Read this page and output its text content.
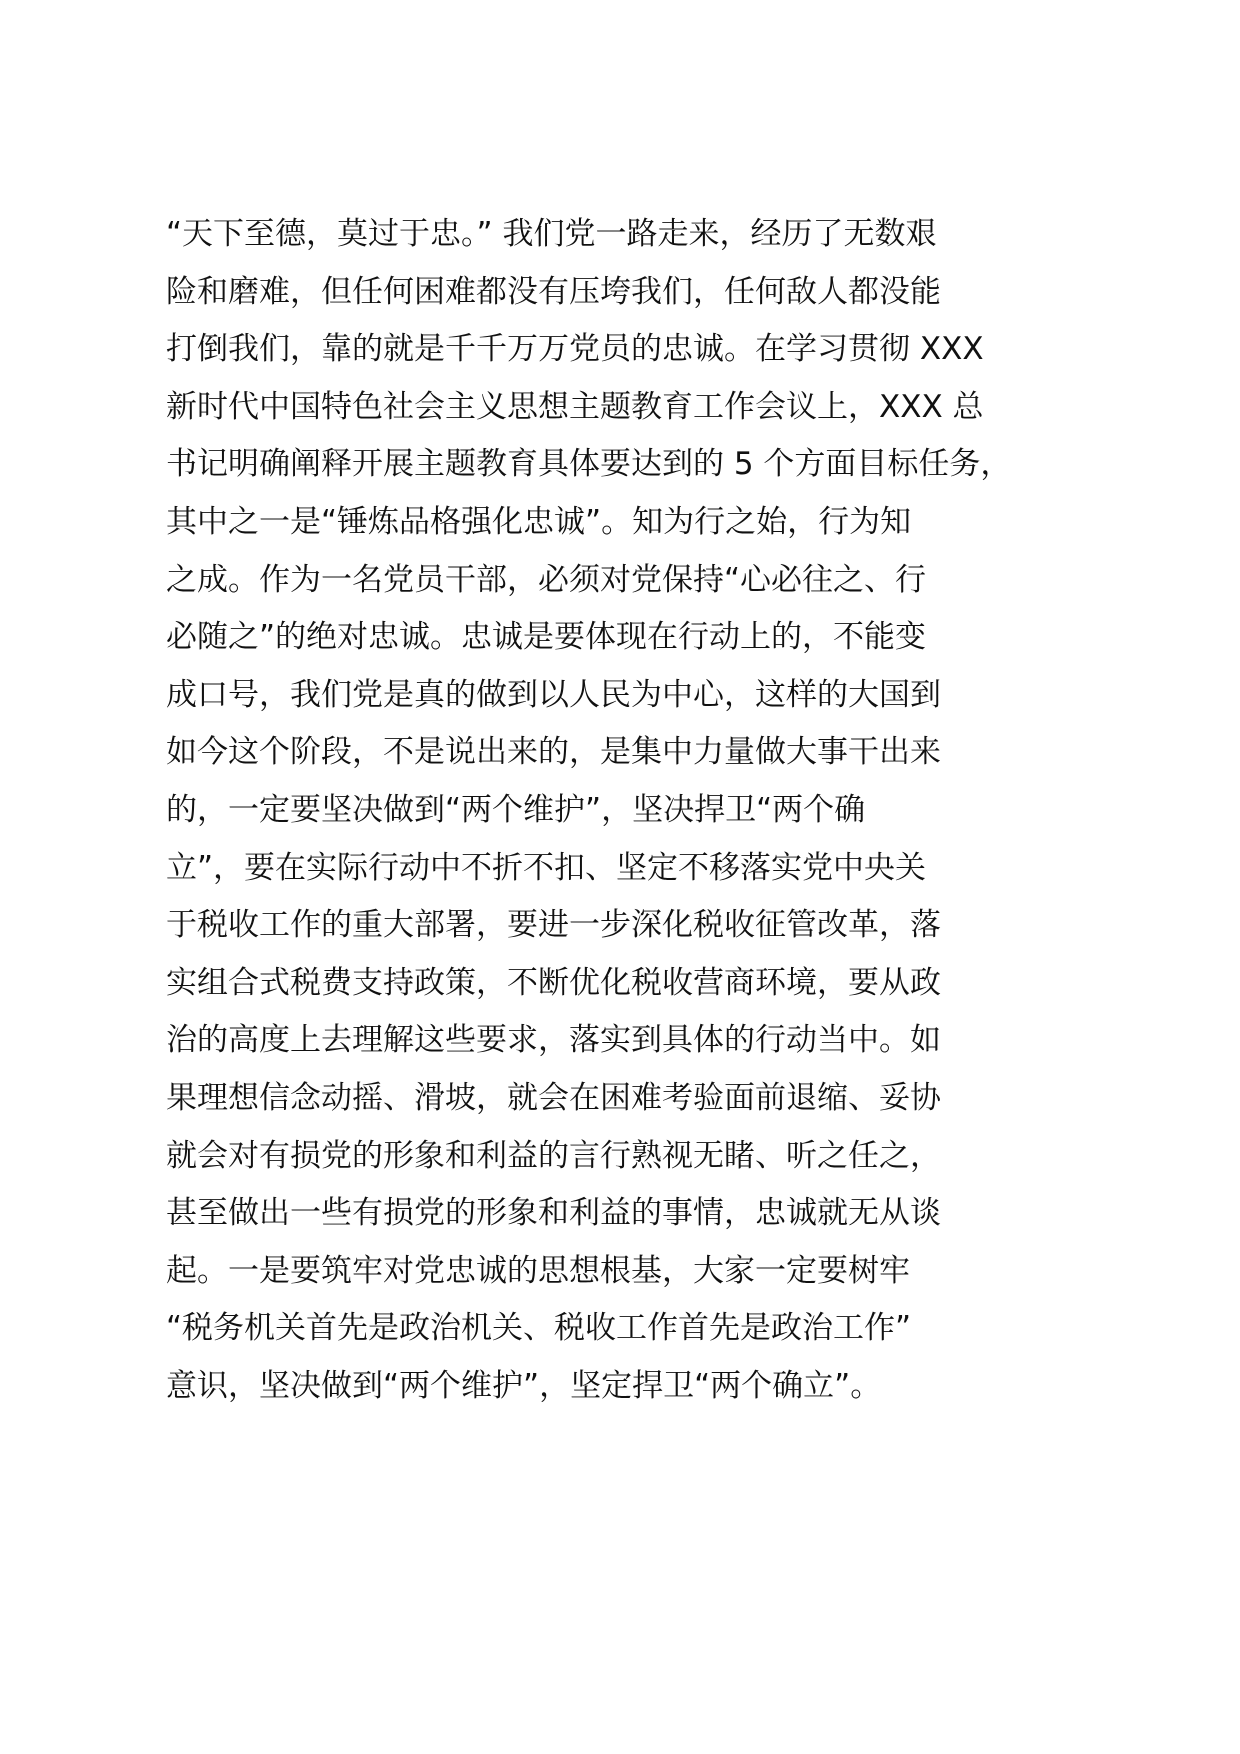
“天下至德，莫过于忠。” 我们党一路走来，经历了无数艰
险和磨难，但任何困难都没有压垮我们，任何敌人都没能
打倒我们，靠的就是千千万万党员的忠诚。在学习贯彻 XXX
新时代中国特色社会主义思想主题教育工作会议上，XXX 总
书记明确阐释开展主题教育具体要达到的 5 个方面目标任务，
其中之一是“锤炼品格强化忠诚”。知为行之始，行为知
之成。作为一名党员干部，必须对党保持“心必往之、行
必随之”的绝对忠诚。忠诚是要体现在行动上的，不能变
成口号，我们党是真的做到以人民为中心，这样的大国到
如今这个阶段，不是说出来的，是集中力量做大事干出来
的，一定要坚决做到“两个维护”，坚决捍卫“两个确
立”，要在实际行动中不折不扣、坚定不移落实党中央关
于税收工作的重大部署，要进一步深化税收征管改革，落
实组合式税费支持政策，不断优化税收营商环境，要从政
治的高度上去理解这些要求，落实到具体的行动当中。如
果理想信念动摇、滑坡，就会在困难考验面前退缩、妥协
就会对有损党的形象和利益的言行熟视无睹、听之任之，
甚至做出一些有损党的形象和利益的事情，忠诚就无从谈
起。一是要筑牢对党忠诚的思想根基，大家一定要树牢
“税务机关首先是政治机关、税收工作首先是政治工作”
意识，坚决做到“两个维护”，坚定捍卫“两个确立”。
